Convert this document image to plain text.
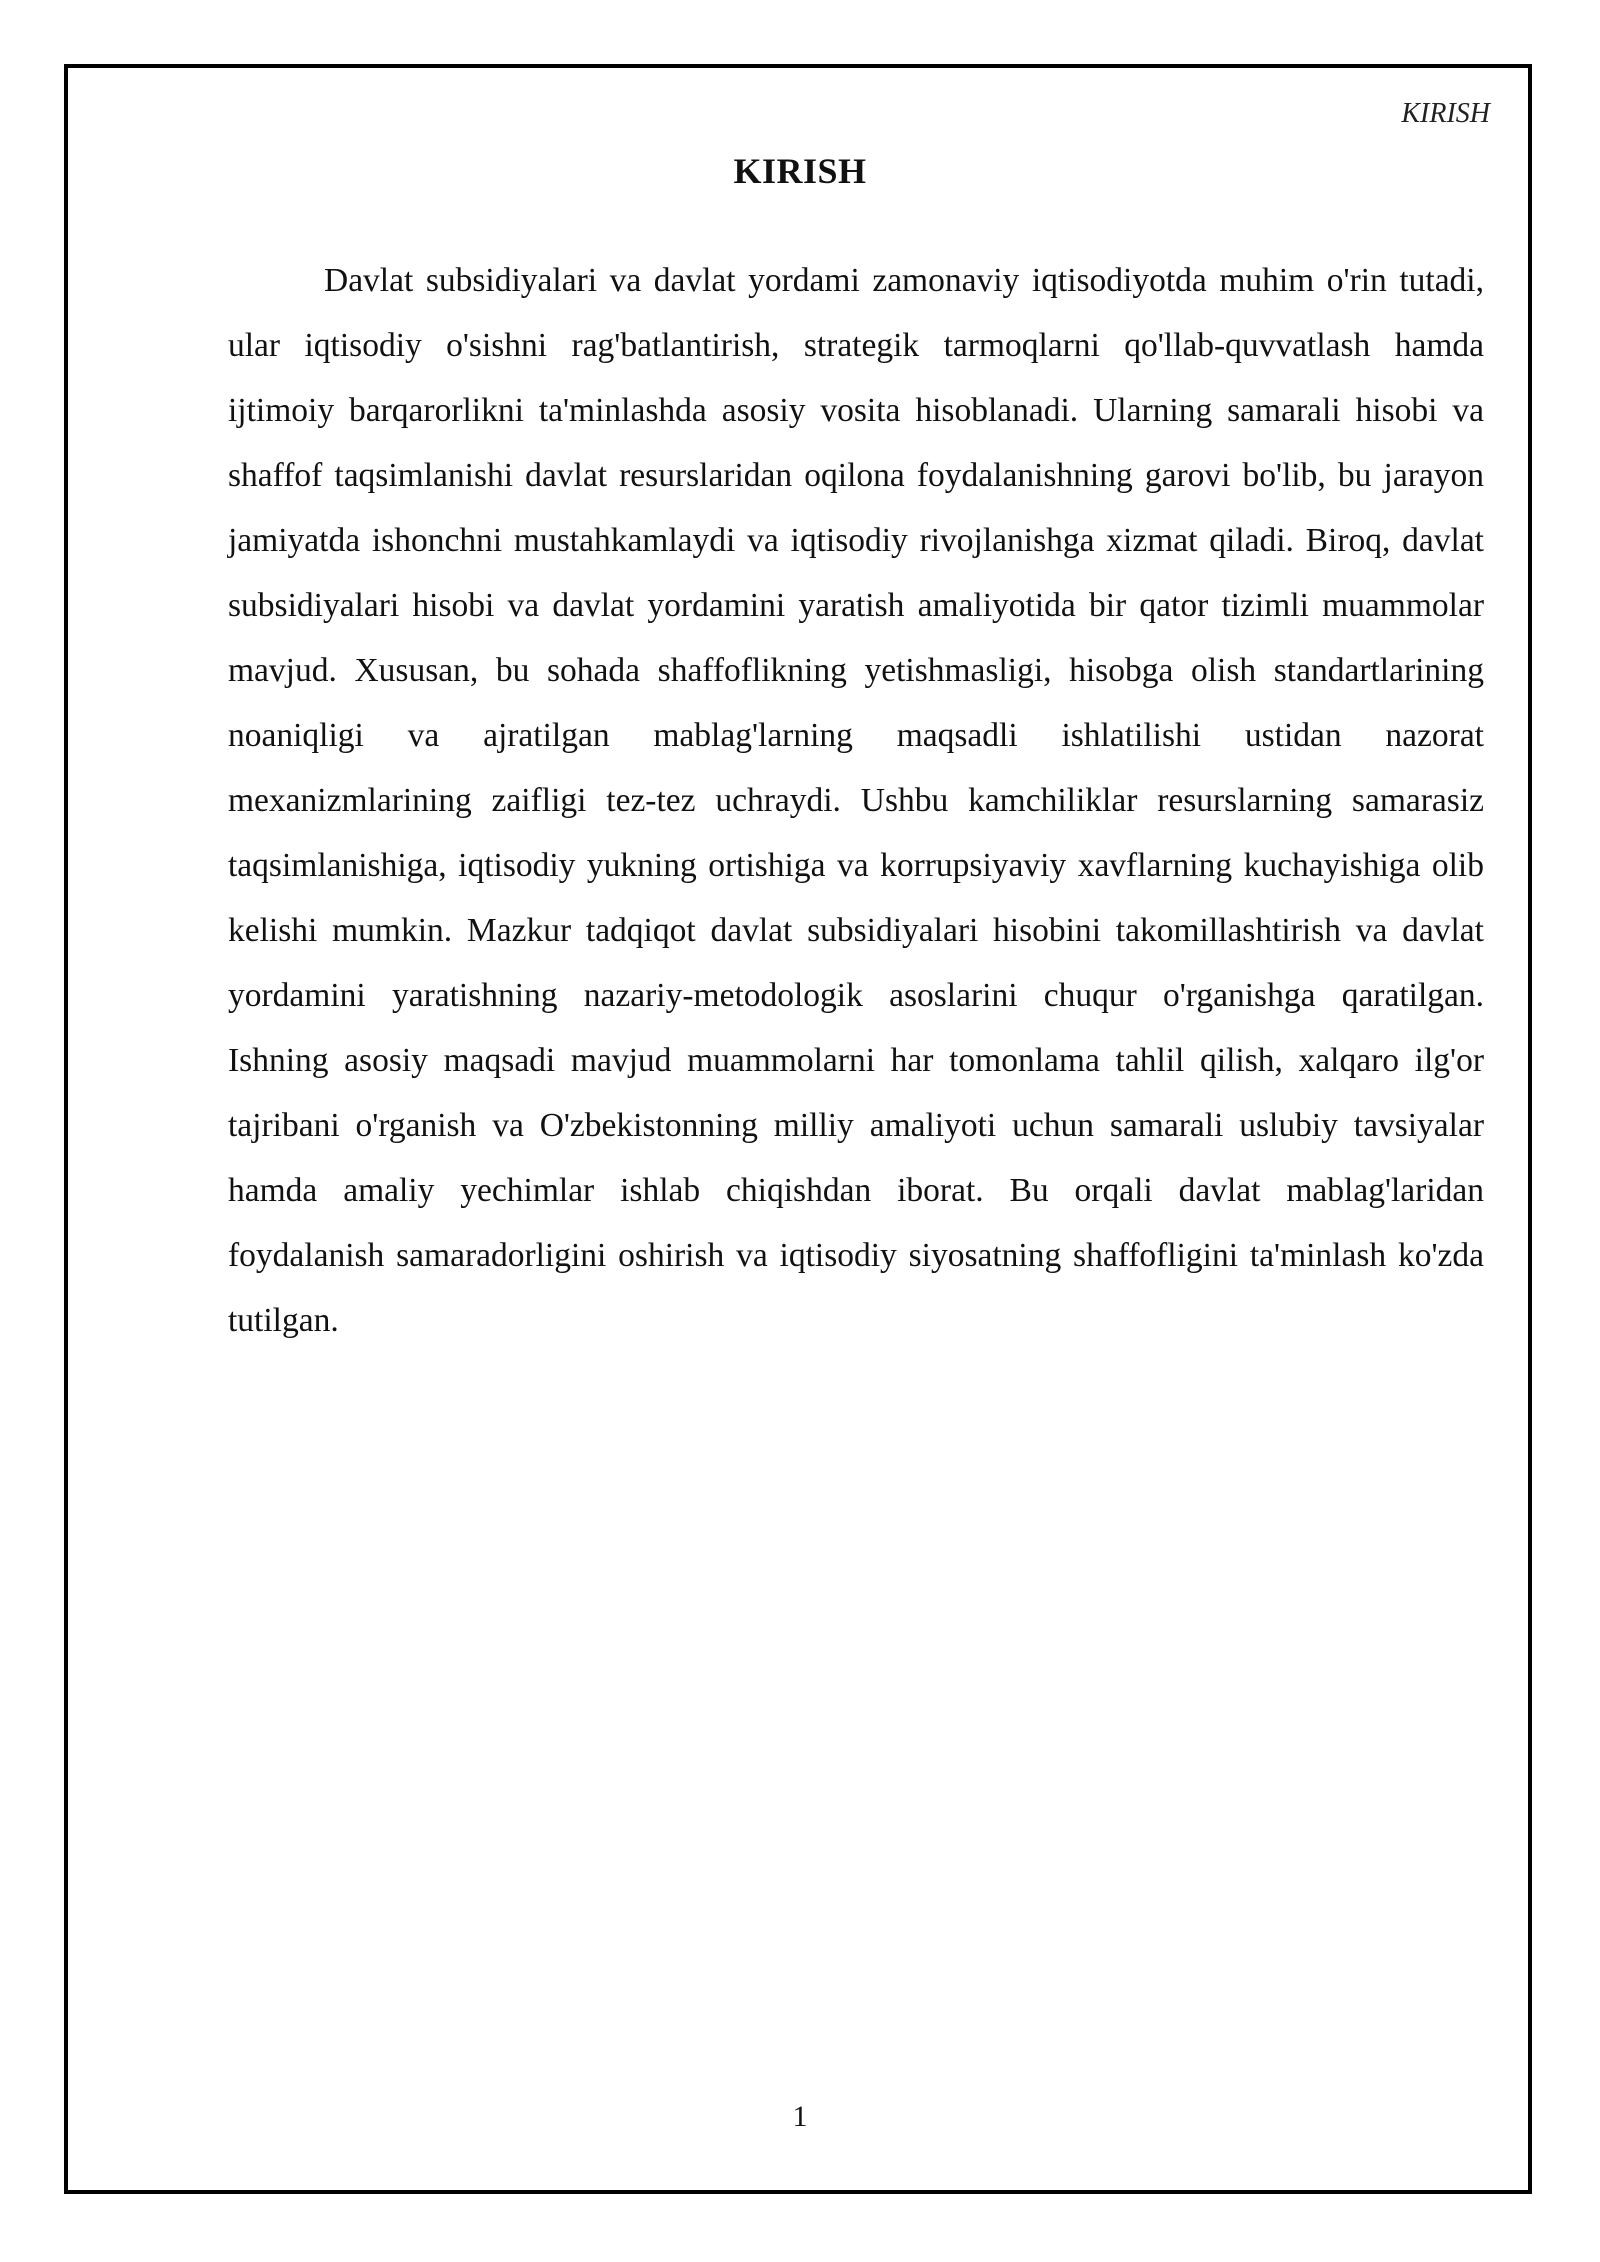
KIRISH
KIRISH

Davlat subsidiyalari va davlat yordami zamonaviy iqtisodiyotda muhim o'rin tutadi, ular iqtisodiy o'sishni rag'batlantirish, strategik tarmoqlarni qo'llab-quvvatlash hamda ijtimoiy barqarorlikni ta'minlashda asosiy vosita hisoblanadi. Ularning samarali hisobi va shaffof taqsimlanishi davlat resurslaridan oqilona foydalanishning garovi bo'lib, bu jarayon jamiyatda ishonchni mustahkamlaydi va iqtisodiy rivojlanishga xizmat qiladi. Biroq, davlat subsidiyalari hisobi va davlat yordamini yaratish amaliyotida bir qator tizimli muammolar mavjud. Xususan, bu sohada shaffoflikning yetishmasligi, hisobga olish standartlarining noaniqligi va ajratilgan mablag'larning maqsadli ishlatilishi ustidan nazorat mexanizmlarining zaifligi tez-tez uchraydi. Ushbu kamchiliklar resurslarning samarasiz taqsimlanishiga, iqtisodiy yukning ortishiga va korrupsiyaviy xavflarning kuchayishiga olib kelishi mumkin. Mazkur tadqiqot davlat subsidiyalari hisobini takomillashtirish va davlat yordamini yaratishning nazariy-metodologik asoslarini chuqur o'rganishga qaratilgan. Ishning asosiy maqsadi mavjud muammolarni har tomonlama tahlil qilish, xalqaro ilg'or tajribani o'rganish va O'zbekistonning milliy amaliyoti uchun samarali uslubiy tavsiyalar hamda amaliy yechimlar ishlab chiqishdan iborat. Bu orqali davlat mablag'laridan foydalanish samaradorligini oshirish va iqtisodiy siyosatning shaffofligini ta'minlash ko'zda tutilgan.

1
